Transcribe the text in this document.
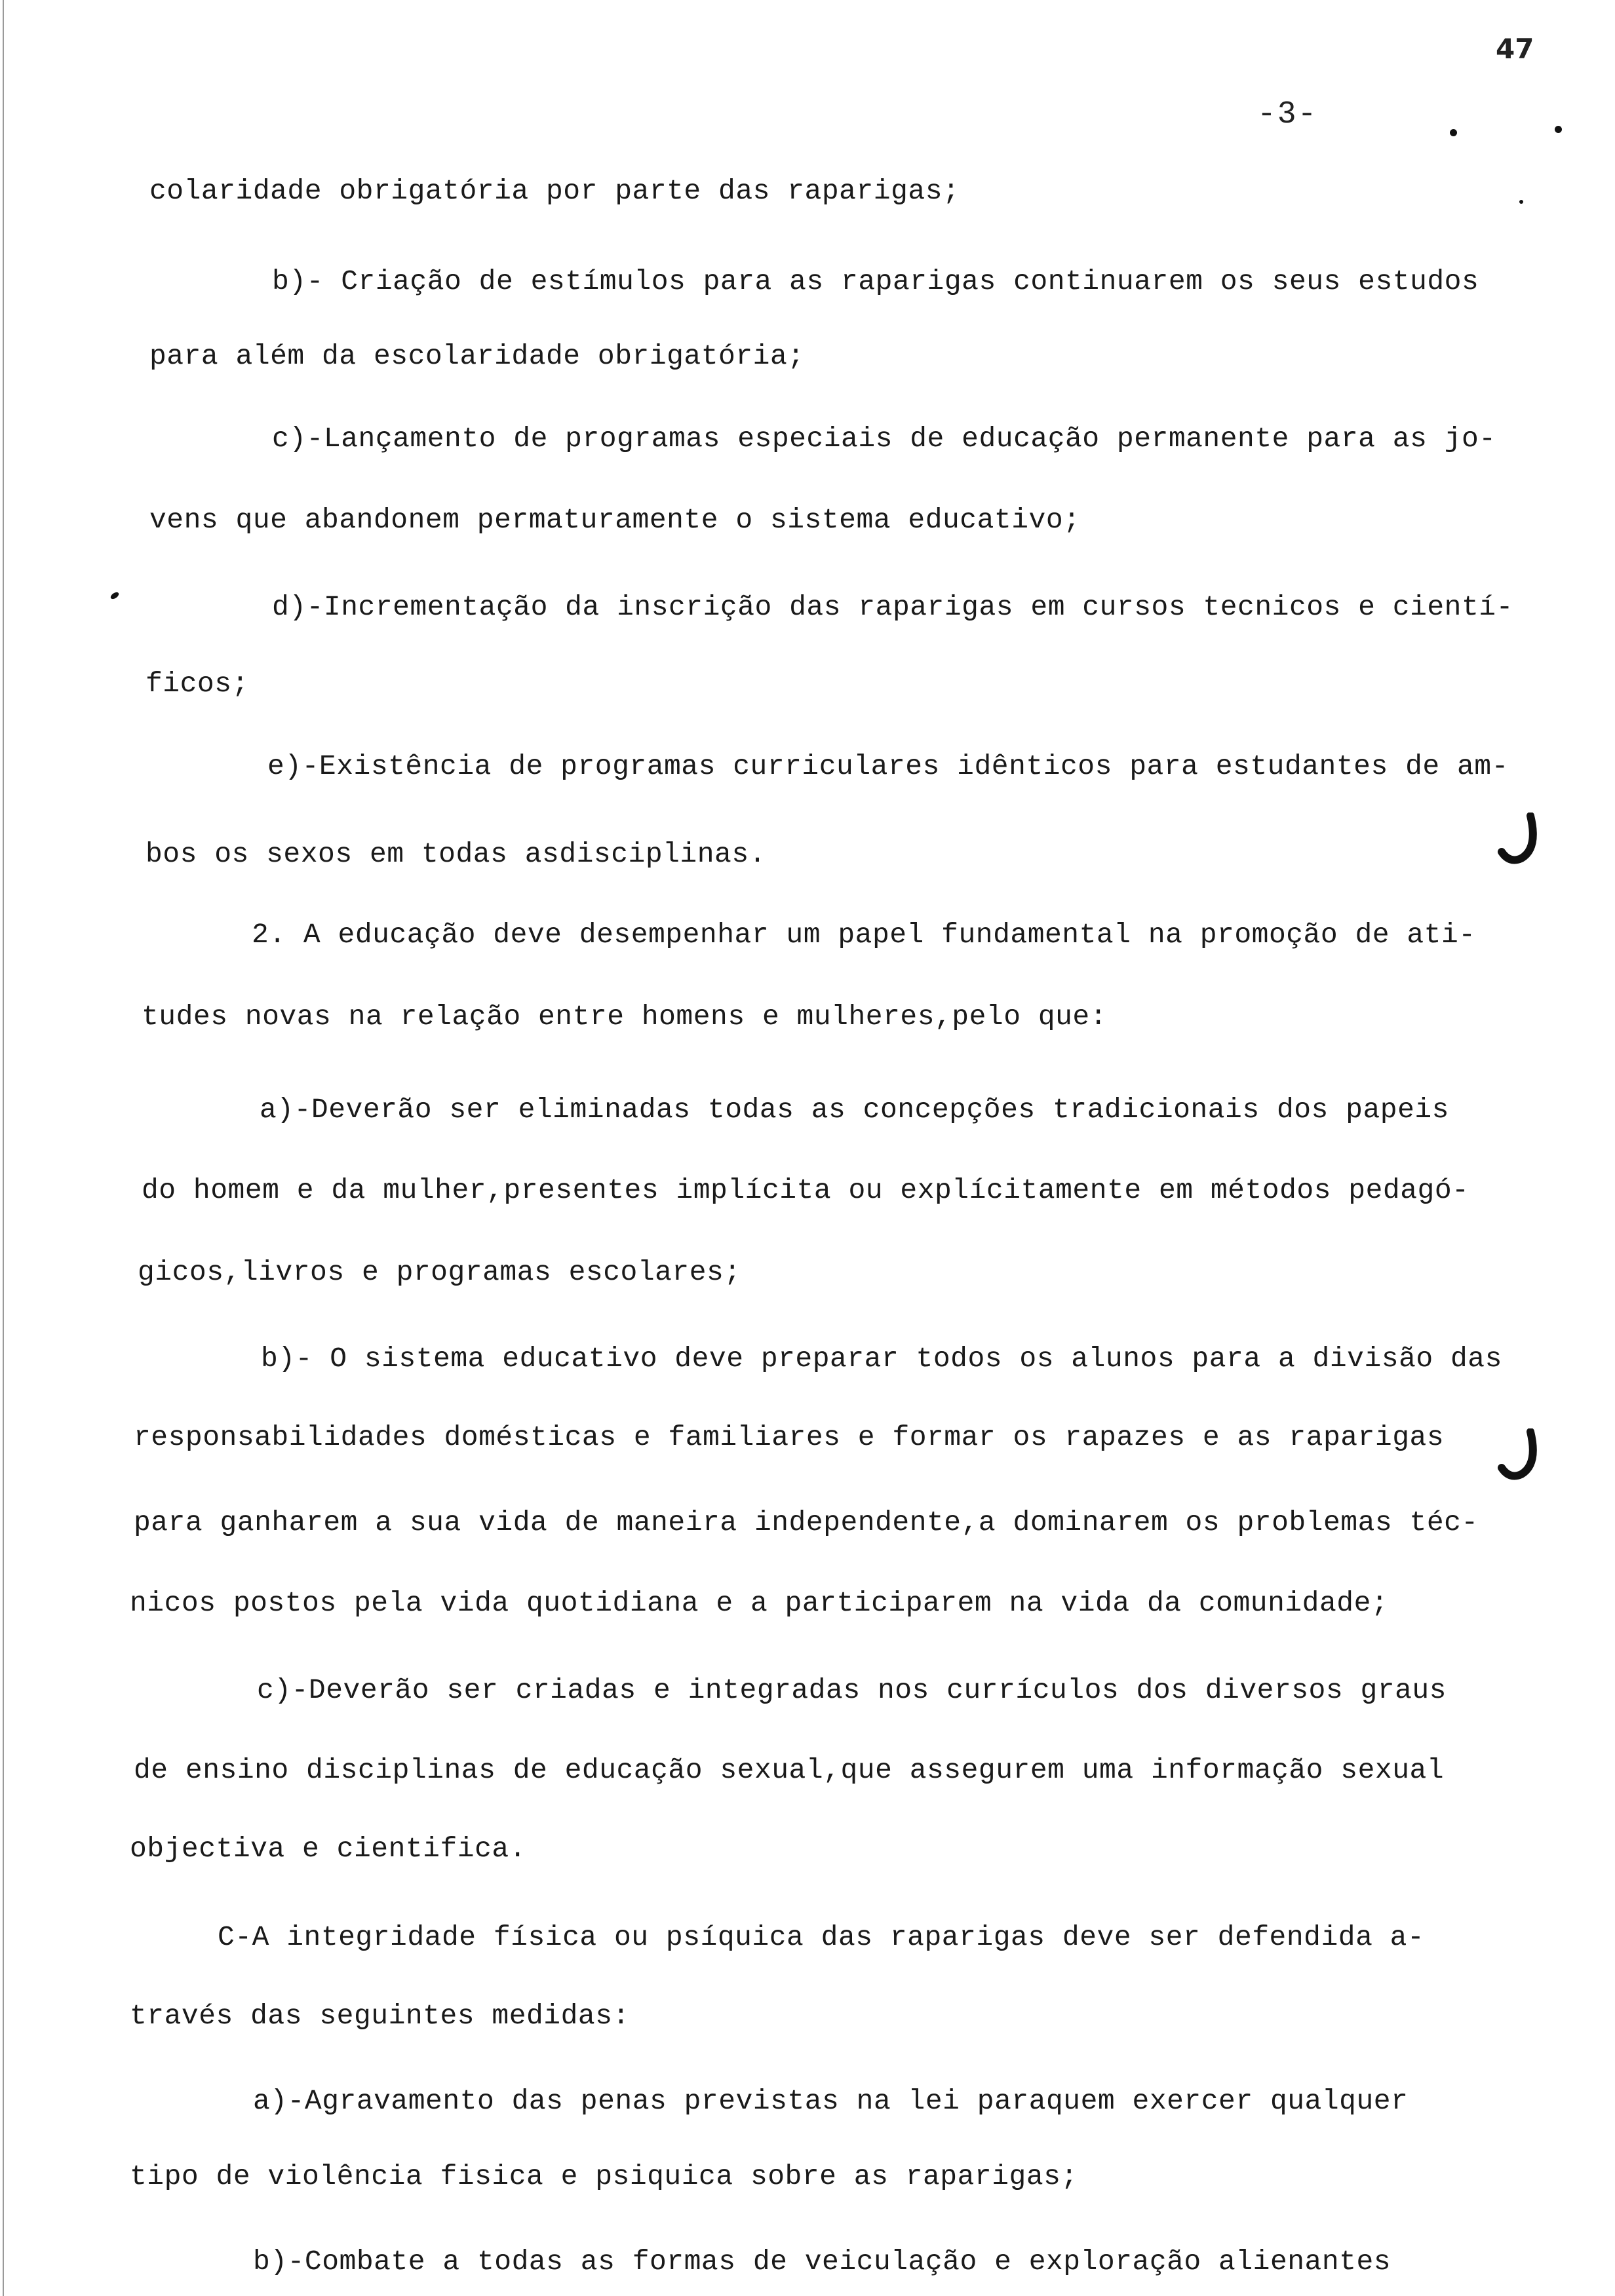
47
-3-
colaridade obrigatória por parte das raparigas;
b)- Criação de estímulos para as raparigas continuarem os seus estudos
para além da escolaridade obrigatória;
c)-Lançamento de programas especiais de educação permanente para as jo-
vens que abandonem permaturamente o sistema educativo;
d)-Incrementação da inscrição das raparigas em cursos tecnicos e cientí-
ficos;
e)-Existência de programas curriculares idênticos para estudantes de am-
bos os sexos em todas asdisciplinas.
2. A educação deve desempenhar um papel fundamental na promoção de ati-
tudes novas na relação entre homens e mulheres,pelo que:
a)-Deverão ser eliminadas todas as concepções tradicionais dos papeis
do homem e da mulher,presentes implícita ou explícitamente em métodos pedagó-
gicos,livros e programas escolares;
b)- O sistema educativo deve preparar todos os alunos para a divisão das
responsabilidades domésticas e familiares e formar os rapazes e as raparigas
para ganharem a sua vida de maneira independente,a dominarem os problemas téc-
nicos postos pela vida quotidiana e a participarem na vida da comunidade;
c)-Deverão ser criadas e integradas nos currículos dos diversos graus
de ensino disciplinas de educação sexual,que assegurem uma informação sexual
objectiva e cientifica.
C-A integridade física ou psíquica das raparigas deve ser defendida a-
través das seguintes medidas:
a)-Agravamento das penas previstas na lei paraquem exercer qualquer
tipo de violência fisica e psiquica sobre as raparigas;
b)-Combate a todas as formas de veiculação e exploração alienantes
